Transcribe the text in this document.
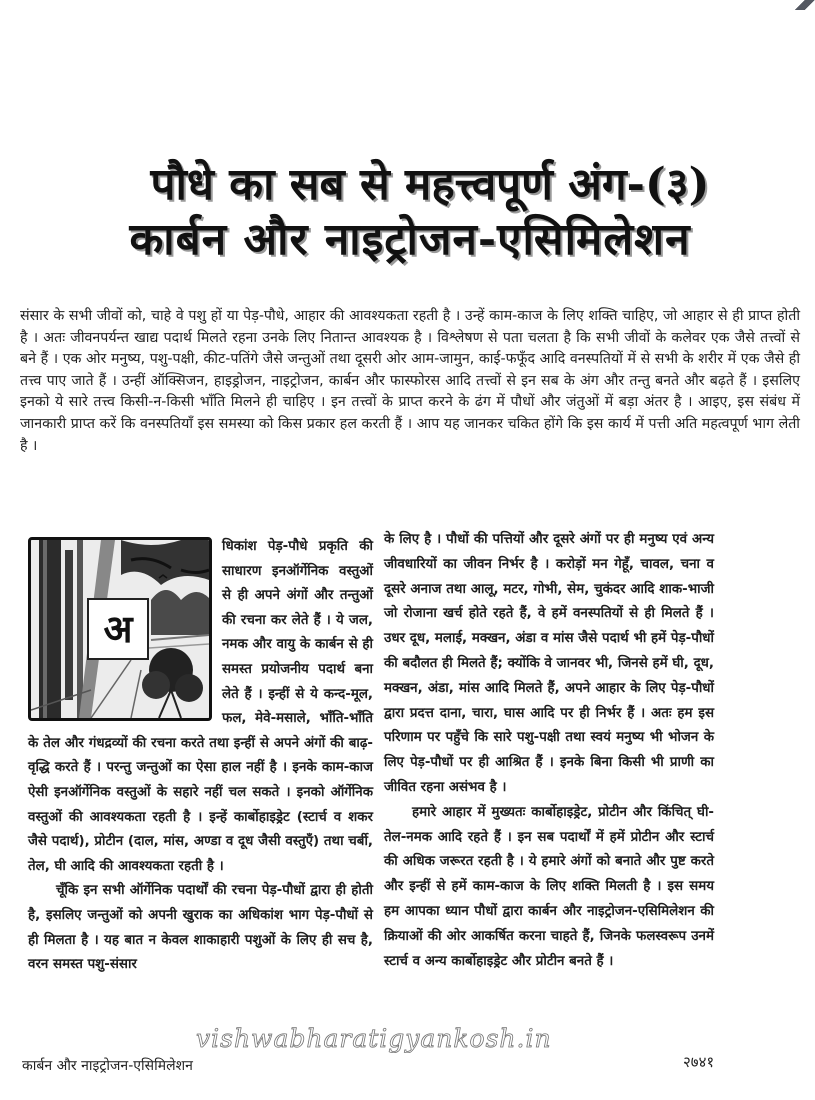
पौधे का सब से महत्त्वपूर्ण अंग-(३)
कार्बन और नाइट्रोजन-एसिमिलेशन

संसार के सभी जीवों को, चाहे वे पशु हों या पेड़-पौधे, आहार की आवश्यकता रहती है । उन्हें काम-काज के लिए शक्ति चाहिए, जो आहार से ही प्राप्त होती है । अतः जीवनपर्यन्त खाद्य पदार्थ मिलते रहना उनके लिए नितान्त आवश्यक है । विश्लेषण से पता चलता है कि सभी जीवों के कलेवर एक जैसे तत्त्वों से बने हैं । एक ओर मनुष्य, पशु-पक्षी, कीट-पतिंगे जैसे जन्तुओं तथा दूसरी ओर आम-जामुन, काई-फफूँद आदि वनस्पतियों में से सभी के शरीर में एक जैसे ही तत्त्व पाए जाते हैं । उन्हीं ऑक्सिजन, हाइड्रोजन, नाइट्रोजन, कार्बन और फास्फोरस आदि तत्त्वों से इन सब के अंग और तन्तु बनते और बढ़ते हैं । इसलिए इनको ये सारे तत्त्व किसी-न-किसी भाँति मिलने ही चाहिए । इन तत्त्वों के प्राप्त करने के ढंग में पौधों और जंतुओं में बड़ा अंतर है । आइए, इस संबंध में जानकारी प्राप्त करें कि वनस्पतियाँ इस समस्या को किस प्रकार हल करती हैं । आप यह जानकर चकित होंगे कि इस कार्य में पत्ती अति महत्वपूर्ण भाग लेती है ।

अ

धिकांश पेड़-पौधे प्रकृति की साधारण इनऑर्गेनिक वस्तुओं से ही अपने अंगों और तन्तुओं की रचना कर लेते हैं । ये जल, नमक और वायु के कार्बन से ही समस्त प्रयोजनीय पदार्थ बना लेते हैं । इन्हीं से ये कन्द-मूल, फल, मेवे-मसाले, भाँति-भाँति के तेल और गंधद्रव्यों की रचना करते तथा इन्हीं से अपने अंगों की बाढ़-वृद्धि करते हैं । परन्तु जन्तुओं का ऐसा हाल नहीं है । इनके काम-काज ऐसी इनऑर्गेनिक वस्तुओं के सहारे नहीं चल सकते । इनको ऑर्गेनिक वस्तुओं की आवश्यकता रहती है । इन्हें कार्बोहाइड्रेट (स्टार्च व शकर जैसे पदार्थ), प्रोटीन (दाल, मांस, अण्डा व दूध जैसी वस्तुएँ) तथा चर्बी, तेल, घी आदि की आवश्यकता रहती है ।

चूँकि इन सभी ऑर्गेनिक पदार्थों की रचना पेड़-पौधों द्वारा ही होती है, इसलिए जन्तुओं को अपनी खुराक का अधिकांश भाग पेड़-पौधों से ही मिलता है । यह बात न केवल शाकाहारी पशुओं के लिए ही सच है, वरन समस्त पशु-संसार

के लिए है । पौधों की पत्तियों और दूसरे अंगों पर ही मनुष्य एवं अन्य जीवधारियों का जीवन निर्भर है । करोड़ों मन गेहूँ, चावल, चना व दूसरे अनाज तथा आलू, मटर, गोभी, सेम, चुकंदर आदि शाक-भाजी जो रोजाना खर्च होते रहते हैं, वे हमें वनस्पतियों से ही मिलते हैं । उधर दूध, मलाई, मक्खन, अंडा व मांस जैसे पदार्थ भी हमें पेड़-पौधों की बदौलत ही मिलते हैं; क्योंकि वे जानवर भी, जिनसे हमें घी, दूध, मक्खन, अंडा, मांस आदि मिलते हैं, अपने आहार के लिए पेड़-पौधों द्वारा प्रदत्त दाना, चारा, घास आदि पर ही निर्भर हैं । अतः हम इस परिणाम पर पहुँचे कि सारे पशु-पक्षी तथा स्वयं मनुष्य भी भोजन के लिए पेड़-पौधों पर ही आश्रित हैं । इनके बिना किसी भी प्राणी का जीवित रहना असंभव है ।

हमारे आहार में मुख्यतः कार्बोहाइड्रेट, प्रोटीन और किंचित् घी-तेल-नमक आदि रहते हैं । इन सब पदार्थों में हमें प्रोटीन और स्टार्च की अधिक जरूरत रहती है । ये हमारे अंगों को बनाते और पुष्ट करते और इन्हीं से हमें काम-काज के लिए शक्ति मिलती है । इस समय हम आपका ध्यान पौधों द्वारा कार्बन और नाइट्रोजन-एसिमिलेशन की क्रियाओं की ओर आकर्षित करना चाहते हैं, जिनके फलस्वरूप उनमें स्टार्च व अन्य कार्बोहाइड्रेट और प्रोटीन बनते हैं ।

vishwabharatigyankosh.in
कार्बन और नाइट्रोजन-एसिमिलेशन	२७४१
